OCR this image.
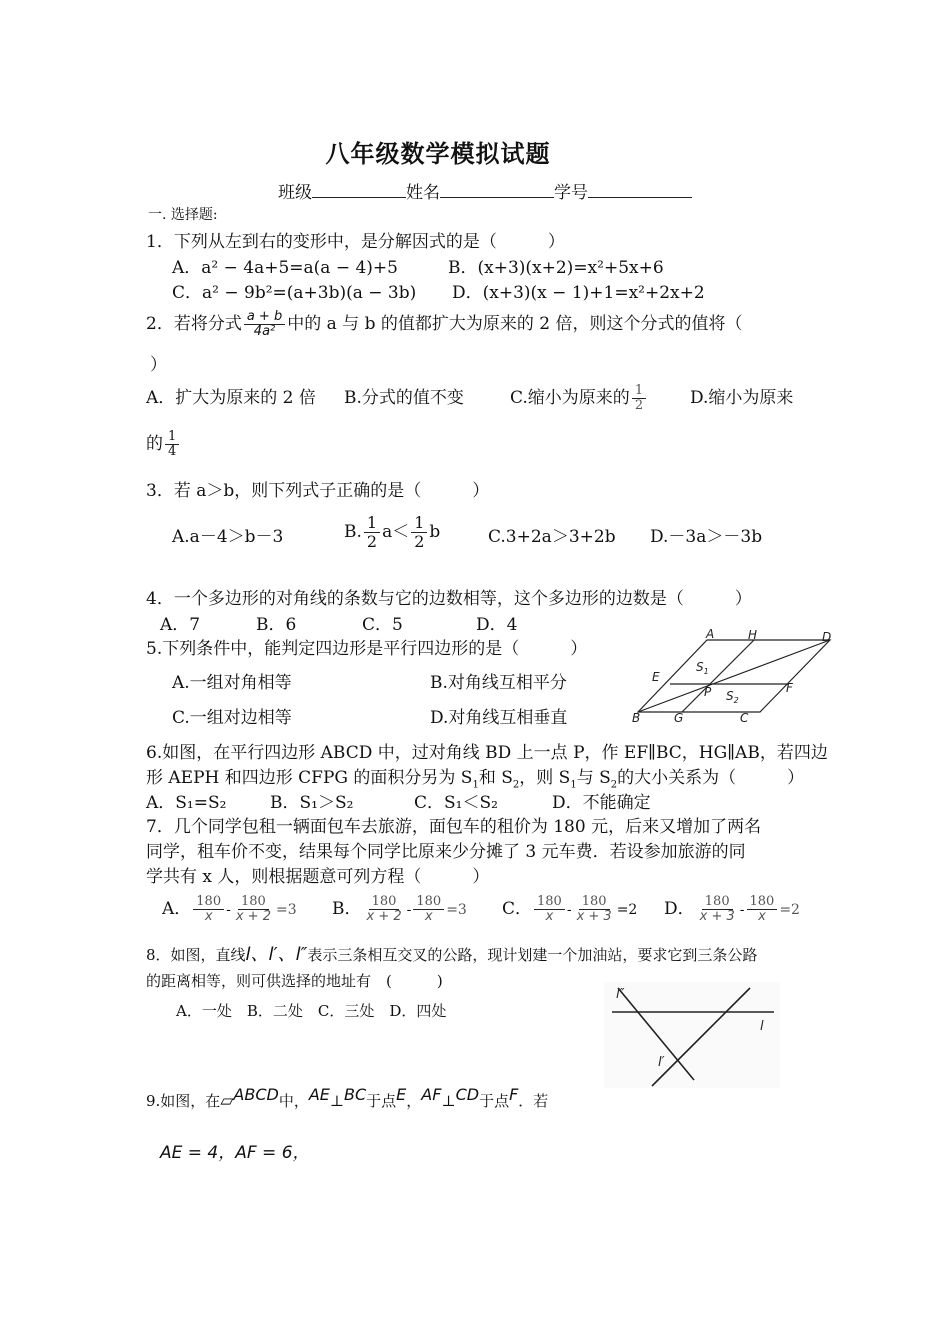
八年级数学模拟试题
班级	姓名	学号
一. 选择题:
1．下列从左到右的变形中，是分解因式的是（　　　）
A．a² − 4a+5=a(a − 4)+5	B．(x+3)(x+2)=x²+5x+6
C．a² − 9b²=(a+3b)(a − 3b) D．(x+3)(x − 1)+1=x²+2x+2
2．若将分式 $\frac{a + b}{\text{4a²}}$ 中的 a 与 b 的值都扩大为原来的 2 倍，则这个分式的值将（
）
A．扩大为原来的 2 倍 B.分式的值不变	C.缩小为原来的 $\frac{1}{2}$	D.缩小为原来
的 $\frac{1}{4}$
3．若 a＞b，则下列式子正确的是（　　　）
A.a－4＞b－3	B. $\frac{1}{2} a< \frac{1}{2}$ b	C.3+2a＞3+2b D.－3a＞－3b
4．一个多边形的对角线的条数与它的边数相等，这个多边形的边数是（　　　）
A．7	B．6	C．5	D．4
5.下列条件中，能判定四边形是平行四边形的是（　　　）
A.一组对角相等	B.对角线互相平分
C.一组对边相等	D.对角线互相垂直
A	H	D
E
P	F
B	G	C
$S_1$
$S_2$
6.如图，在平行四边形 ABCD 中，过对角线 BD 上一点 P，作 EF∥BC，HG∥AB，若四边
形 AEPH 和四边形 CFPG 的面积分另为 $S_1$和 $S_2$，则 $S_1$与 $S_2$的大小关系为（　　　）
A．S₁=S₂	B．S₁＞S₂	C．S₁＜S₂	D．不能确定
7．几个同学包租一辆面包车去旅游，面包车的租价为 180 元，后来又增加了两名
同学，租车价不变，结果每个同学比原来少分摊了 3 元车费．若设参加旅游的同
学共有 x 人，则根据题意可列方程（　　　）
A． $\frac{180}{x} - \frac{180}{x + 2} =3$ B． $\frac{180}{x + 2} - \frac{180}{x} =3$ C． $\frac{180}{x} - \frac{180}{x + 3} =2$ D． $\frac{180}{x + 3} - \frac{180}{x} =2$
8．如图，直线l、l′、l″表示三条相互交叉的公路，现计划建一个加油站，要求它到三条公路
的距离相等，则可供选择的地址有　(　　　)
A．一处　B．二处　C．三处　D．四处
l
l′
l″
9.如图，在▱ABCD中，AE⊥BC于点E，AF⊥CD于点F．若
AE = 4，AF = 6，
